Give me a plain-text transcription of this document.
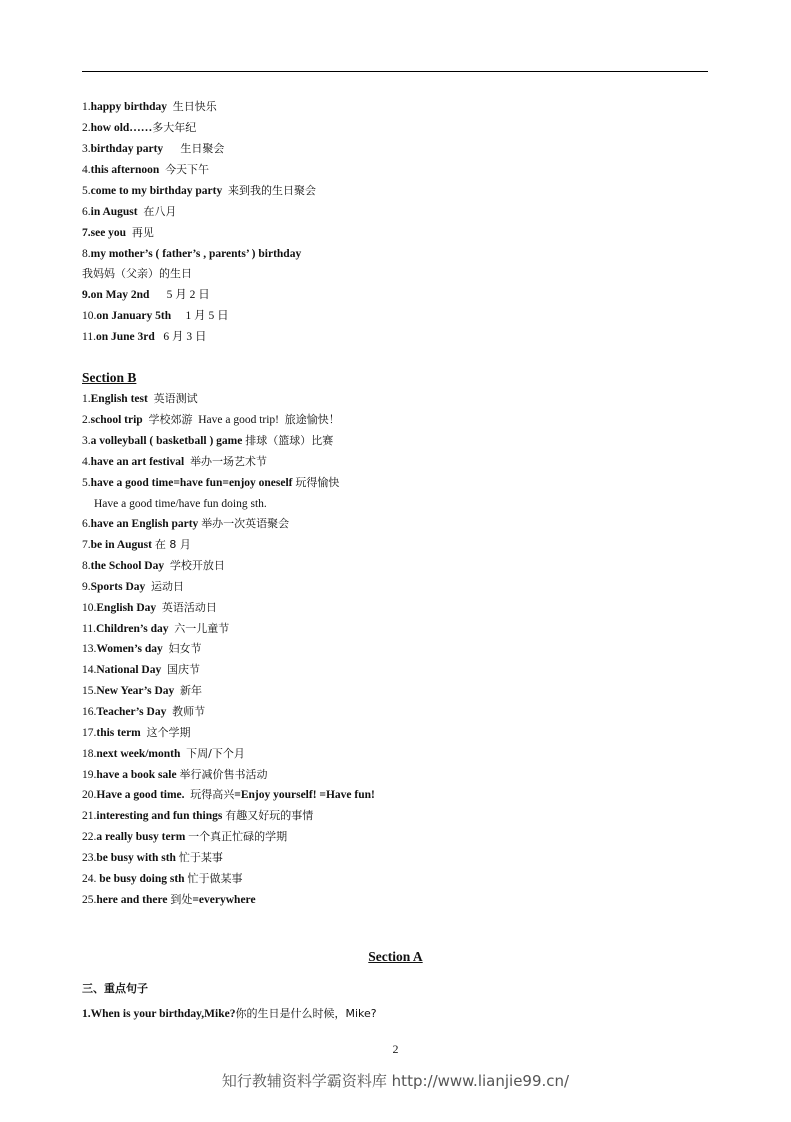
1.happy birthday 生日快乐
2.how old……多大年纪
3.birthday party 生日聚会
4.this afternoon 今天下午
5.come to my birthday party 来到我的生日聚会
6.in August 在八月
7.see you 再见
8.my mother’s ( father’s , parents’ ) birthday
我妈妈（父亲）的生日
9.on May 2nd 5 月 2 日
10.on January 5th 1 月 5 日
11.on June 3rd 6 月 3 日
Section B
1.English test 英语测试
2.school trip 学校郊游 Have a good trip! 旅途愉快！
3.a volleyball ( basketball ) game 排球（篮球）比赛
4.have an art festival 举办一场艺术节
5.have a good time=have fun=enjoy oneself 玩得愉快
Have a good time/have fun doing sth.
6.have an English party 举办一次英语聚会
7.be in August 在 8 月
8.the School Day 学校开放日
9.Sports Day 运动日
10.English Day 英语活动日
11.Children’s day 六一儿童节
13.Women’s day 妇女节
14.National Day 国庆节
15.New Year’s Day 新年
16.Teacher’s Day 教师节
17.this term 这个学期
18.next week/month 下周/下个月
19.have a book sale 举行减价售书活动
20.Have a good time. 玩得高兴=Enjoy yourself! =Have fun!
21.interesting and fun things 有趣又好玩的事情
22.a really busy term 一个真正忙碌的学期
23.be busy with sth 忙于某事
24. be busy doing sth 忙于做某事
25.here and there 到处=everywhere
Section A
三、重点句子
1.When is your birthday,Mike?你的生日是什么时候，Mike?
2
知行教辅资料学霸资料库 http://www.lianjie99.cn/
